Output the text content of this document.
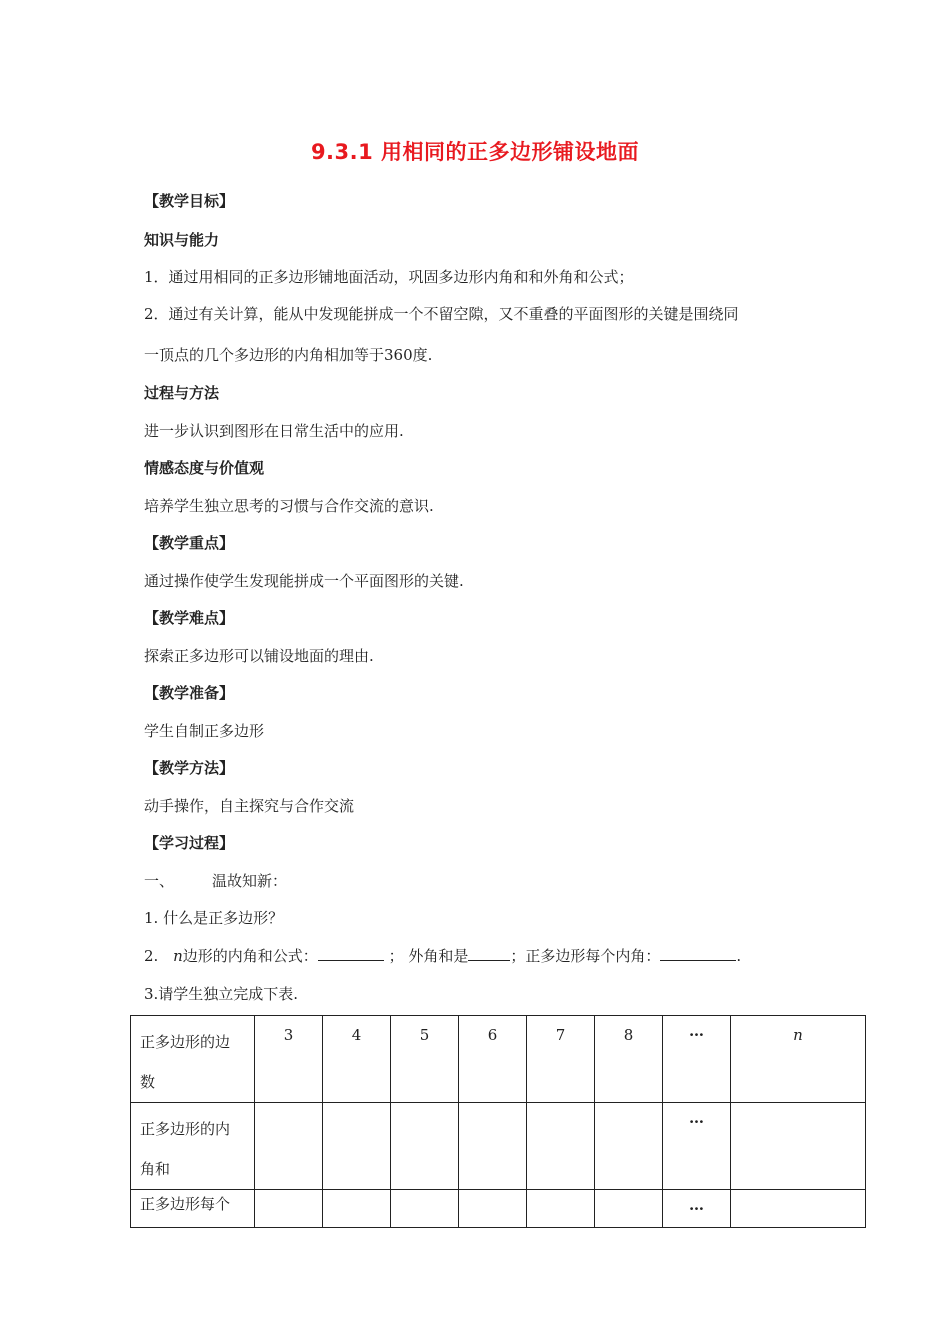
9.3.1 用相同的正多边形铺设地面
【教学目标】
知识与能力
1．通过用相同的正多边形铺地面活动，巩固多边形内角和和外角和公式；
2．通过有关计算，能从中发现能拼成一个不留空隙，又不重叠的平面图形的关键是围绕同
一顶点的几个多边形的内角相加等于360度.
过程与方法
进一步认识到图形在日常生活中的应用.
情感态度与价值观
培养学生独立思考的习惯与合作交流的意识.
【教学重点】
通过操作使学生发现能拼成一个平面图形的关键.
【教学难点】
探索正多边形可以铺设地面的理由.
【教学准备】
学生自制正多边形
【教学方法】
动手操作，自主探究与合作交流
【学习过程】
一、	温故知新：
1. 什么是正多边形？
2. n边形的内角和公式：	； 外角和是	；正多边形每个内角：	.
3.请学生独立完成下表.
正多边形的边
数	3	4	5	6	7	8	…	n
正多边形的内
角和							…	
正多边形每个							…	
